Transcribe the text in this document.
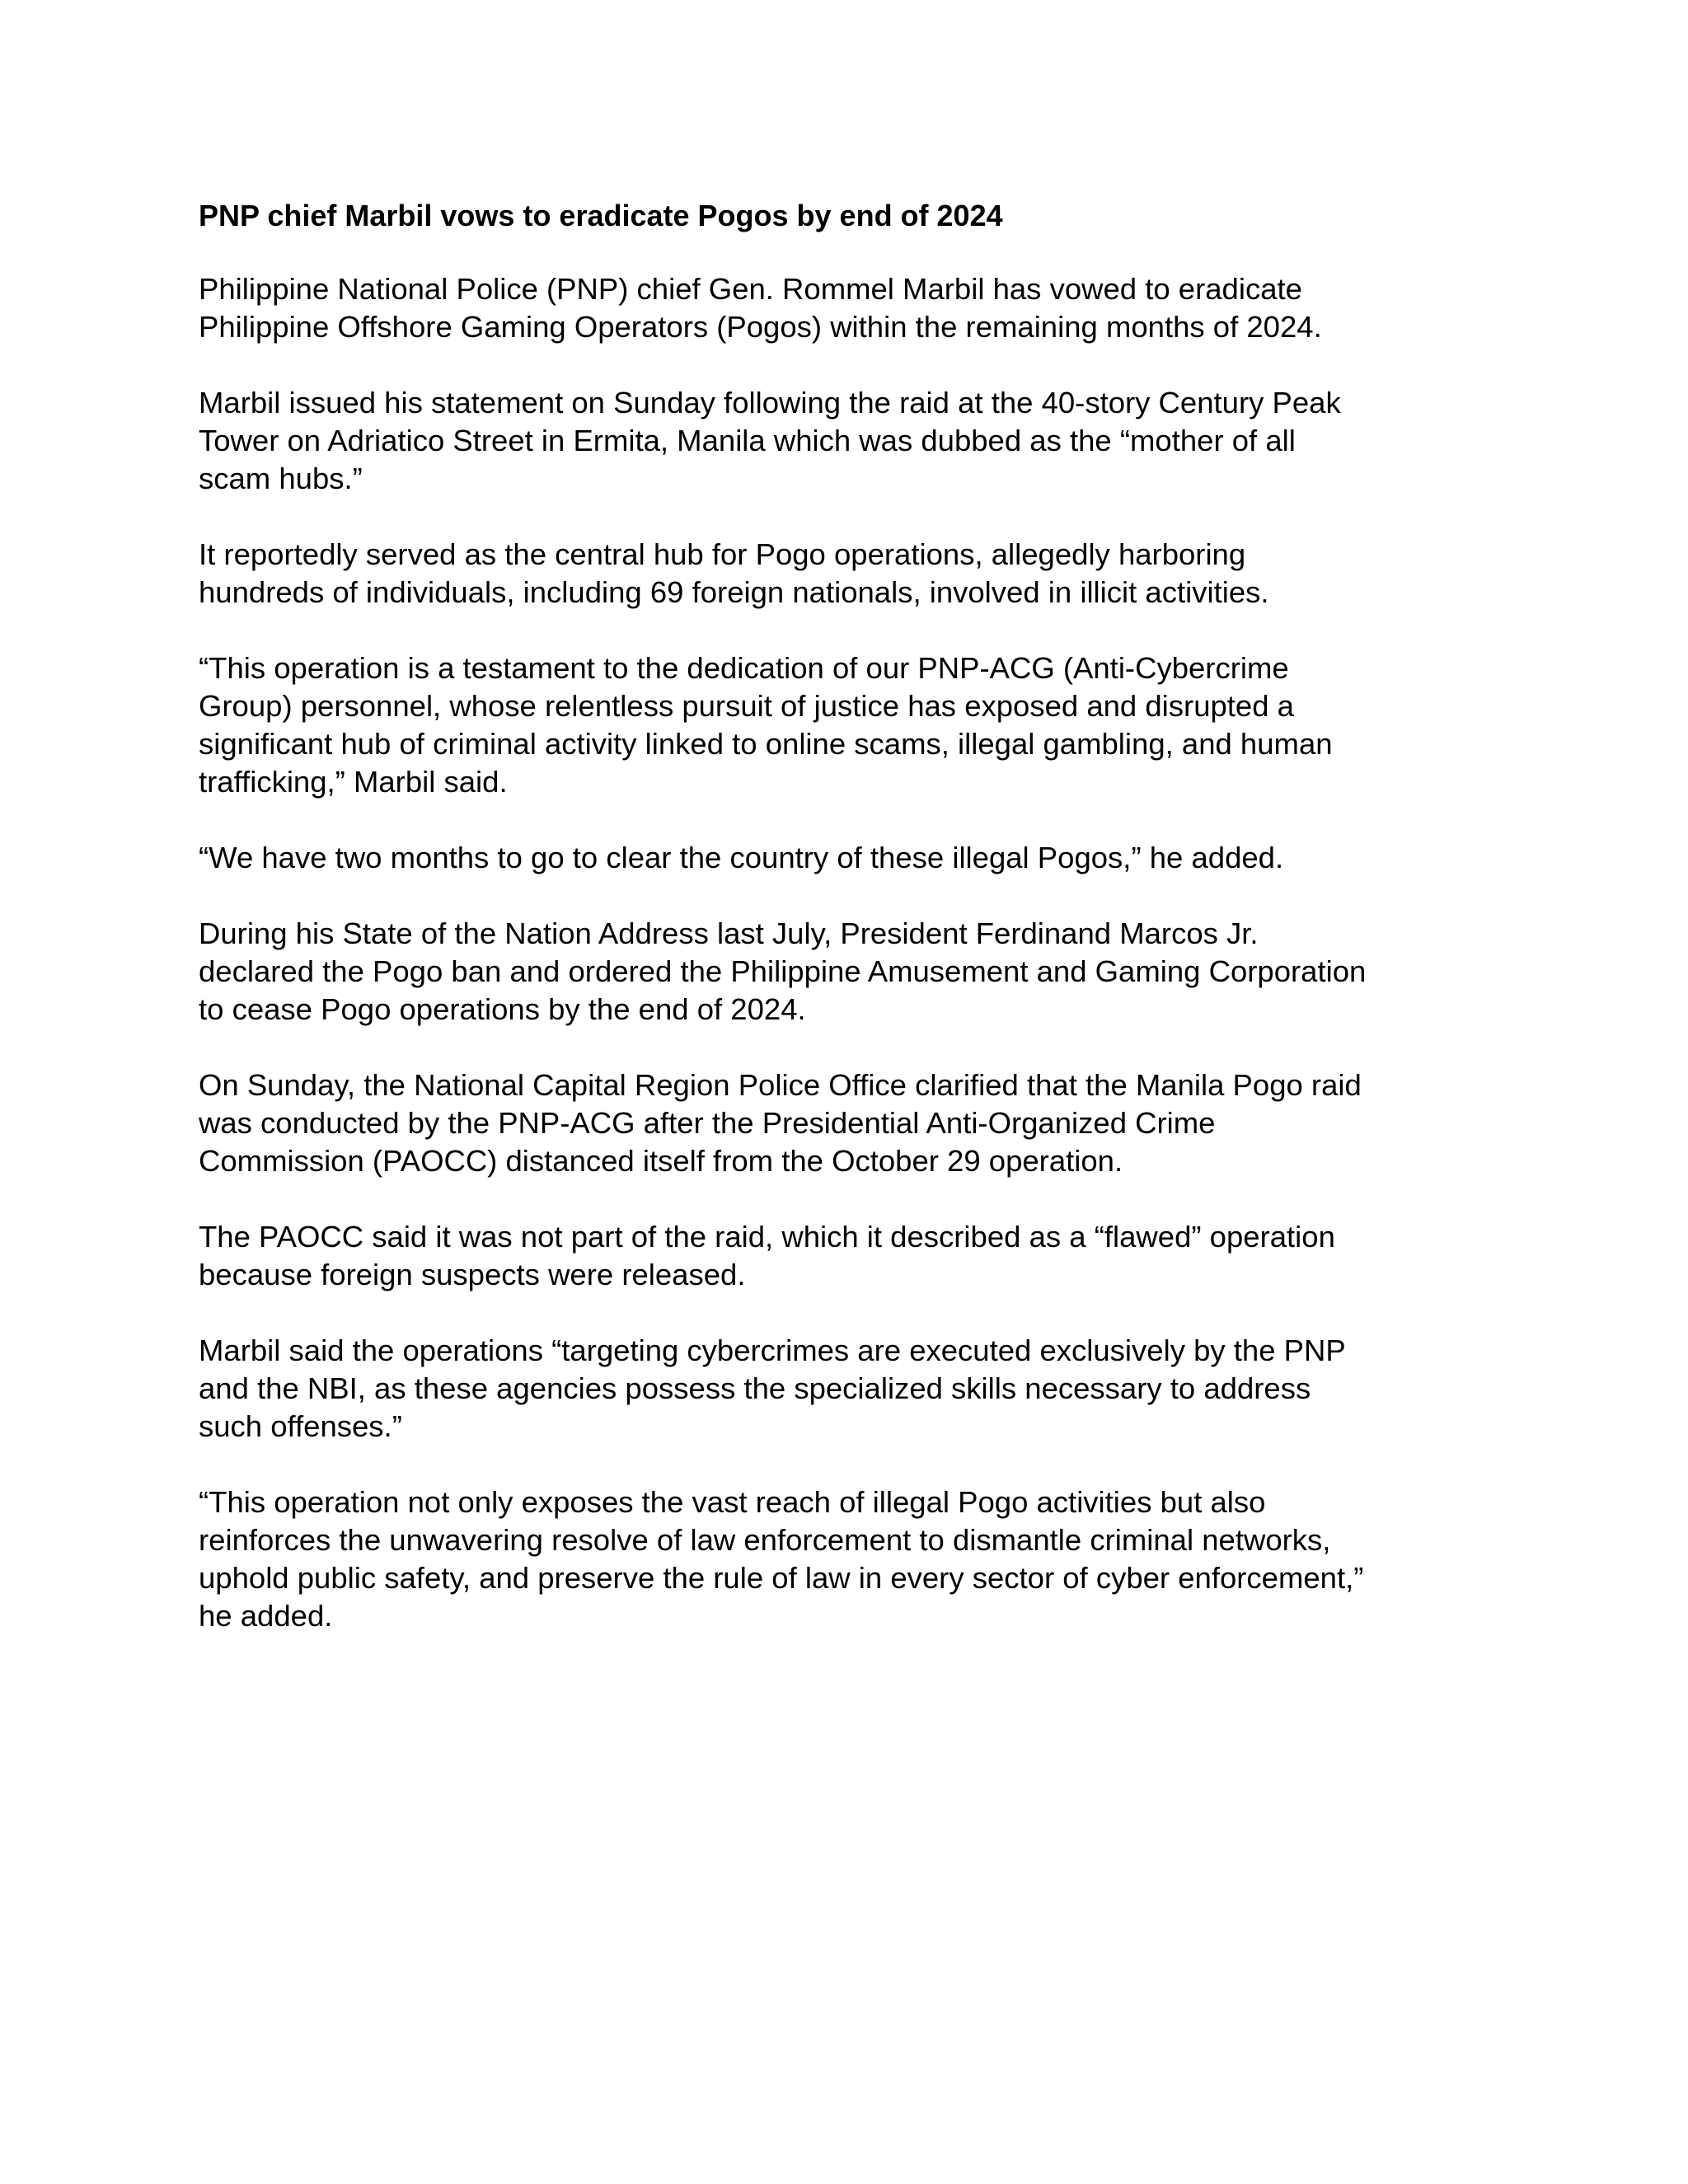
PNP chief Marbil vows to eradicate Pogos by end of 2024

Philippine National Police (PNP) chief Gen. Rommel Marbil has vowed to eradicate
Philippine Offshore Gaming Operators (Pogos) within the remaining months of 2024.

Marbil issued his statement on Sunday following the raid at the 40-story Century Peak
Tower on Adriatico Street in Ermita, Manila which was dubbed as the “mother of all
scam hubs.”

It reportedly served as the central hub for Pogo operations, allegedly harboring
hundreds of individuals, including 69 foreign nationals, involved in illicit activities.

“This operation is a testament to the dedication of our PNP-ACG (Anti-Cybercrime
Group) personnel, whose relentless pursuit of justice has exposed and disrupted a
significant hub of criminal activity linked to online scams, illegal gambling, and human
trafficking,” Marbil said.

“We have two months to go to clear the country of these illegal Pogos,” he added.

During his State of the Nation Address last July, President Ferdinand Marcos Jr.
declared the Pogo ban and ordered the Philippine Amusement and Gaming Corporation
to cease Pogo operations by the end of 2024.

On Sunday, the National Capital Region Police Office clarified that the Manila Pogo raid
was conducted by the PNP-ACG after the Presidential Anti-Organized Crime
Commission (PAOCC) distanced itself from the October 29 operation.

The PAOCC said it was not part of the raid, which it described as a “flawed” operation
because foreign suspects were released.

Marbil said the operations “targeting cybercrimes are executed exclusively by the PNP
and the NBI, as these agencies possess the specialized skills necessary to address
such offenses.”

“This operation not only exposes the vast reach of illegal Pogo activities but also
reinforces the unwavering resolve of law enforcement to dismantle criminal networks,
uphold public safety, and preserve the rule of law in every sector of cyber enforcement,”
he added.
